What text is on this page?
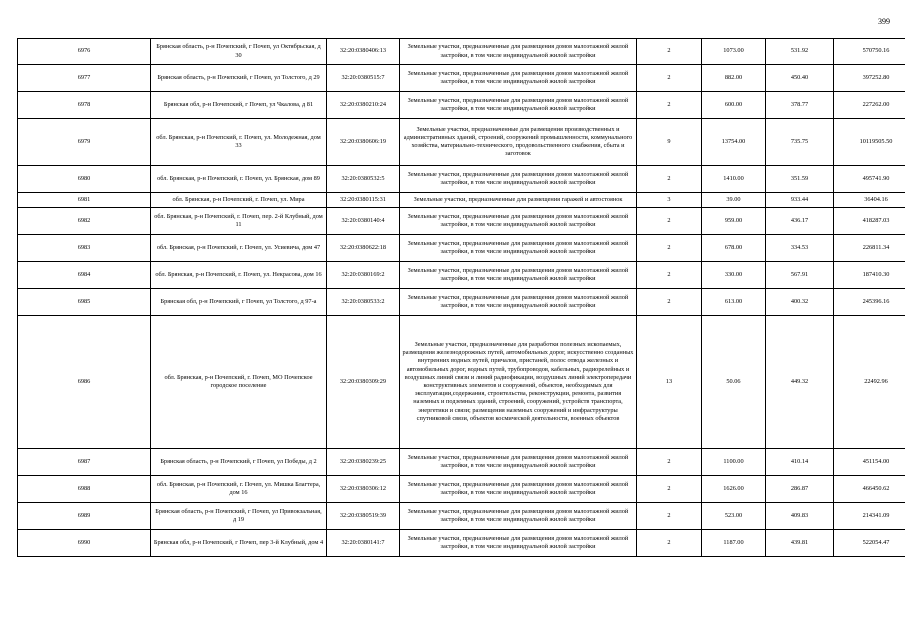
399
6976	Брянская область, р-н Почепский, г Почеп, ул Октябрьская, д 30	32:20:0380406:13	Земельные участки, предназначенные для размещения домов малоэтажной жилой застройки, в том числе индивидуальной жилой застройки	2	1073.00	531.92	570750.16
6977	Брянская область, р-н Почепский, г Почеп, ул Толстого, д 29	32:20:0380515:7	Земельные участки, предназначенные для размещения домов малоэтажной жилой застройки, в том числе индивидуальной жилой застройки	2	882.00	450.40	397252.80
6978	Брянская обл, р-н Почепский, г Почеп, ул Чкалова, д 81	32:20:0380210:24	Земельные участки, предназначенные для размещения домов малоэтажной жилой застройки, в том числе индивидуальной жилой застройки	2	600.00	378.77	227262.00
6979	обл. Брянская, р-н Почепский, г. Почеп, ул. Молодежная, дом 33	32:20:0380606:19	Земельные участки, предназначенные для размещения производственных и административных зданий, строений, сооружений промышленности, коммунального хозяйства, материально-технического, продовольственного снабжения, сбыта и заготовок	9	13754.00	735.75	10119505.50
6980	обл. Брянская, р-н Почепский, г. Почеп, ул. Брянская, дом 89	32:20:0380532:5	Земельные участки, предназначенные для размещения домов малоэтажной жилой застройки, в том числе индивидуальной жилой застройки	2	1410.00	351.59	495741.90
6981	обл. Брянская, р-н Почепский, г. Почеп, ул. Мира	32:20:0380115:31	Земельные участки, предназначенные для размещения гаражей и автостоянок	3	39.00	933.44	36404.16
6982	обл. Брянская, р-н Почепский, г. Почеп, пер. 2-й Клубный, дом 11	32:20:0380140:4	Земельные участки, предназначенные для размещения домов малоэтажной жилой застройки, в том числе индивидуальной жилой застройки	2	959.00	436.17	418287.03
6983	обл. Брянская, р-н Почепский, г. Почеп, ул. Усиевича, дом 47	32:20:0380622:18	Земельные участки, предназначенные для размещения домов малоэтажной жилой застройки, в том числе индивидуальной жилой застройки	2	678.00	334.53	226811.34
6984	обл. Брянская, р-н Почепский, г. Почеп, ул. Некрасова, дом 16	32:20:0380169:2	Земельные участки, предназначенные для размещения домов малоэтажной жилой застройки, в том числе индивидуальной жилой застройки	2	330.00	567.91	187410.30
6985	Брянская обл, р-н Почепский, г Почеп, ул Толстого, д 97-а	32:20:0380533:2	Земельные участки, предназначенные для размещения домов малоэтажной жилой застройки, в том числе индивидуальной жилой застройки	2	613.00	400.32	245396.16
6986	обл. Брянская, р-н Почепский, г. Почеп, МО Почепское городское поселение	32:20:0380309:29	Земельные участки, предназначенные для разработки полезных ископаемых, размещения железнодорожных путей, автомобильных дорог, искусственно созданных внутренних водных путей, причалов, пристаней, полос отвода железных и автомобильных дорог, водных путей, трубопроводов, кабельных, радиорелейных и воздушных линий связи и линий радиофикации, воздушных линий электропередачи конструктивных элементов и сооружений, объектов, необходимых для эксплуатации,содержания, строительства, реконструкции, ремонта, развития наземных и подземных зданий, строений, сооружений, устройств транспорта, энергетики и связи; размещения наземных сооружений и инфраструктуры спутниковой связи, объектов космической деятельности, военных объектов	13	50.06	449.32	22492.96
6987	Брянская область, р-н Почепский, г Почеп, ул Победы, д 2	32:20:0380239:25	Земельные участки, предназначенные для размещения домов малоэтажной жилой застройки, в том числе индивидуальной жилой застройки	2	1100.00	410.14	451154.00
6988	обл. Брянская, р-н Почепский, г. Почеп, ул. Мишка Благтера, дом 16	32:20:0380306:12	Земельные участки, предназначенные для размещения домов малоэтажной жилой застройки, в том числе индивидуальной жилой застройки	2	1626.00	286.87	466450.62
6989	Брянская область, р-н Почепский, г Почеп, ул Привокзальная, д 19	32:20:0380519:39	Земельные участки, предназначенные для размещения домов малоэтажной жилой застройки, в том числе индивидуальной жилой застройки	2	523.00	409.83	214341.09
6990	Брянская обл, р-н Почепский, г Почеп, пер 3-й Клубный, дом 4	32:20:0380141:7	Земельные участки, предназначенные для размещения домов малоэтажной жилой застройки, в том числе индивидуальной жилой застройки	2	1187.00	439.81	522054.47
